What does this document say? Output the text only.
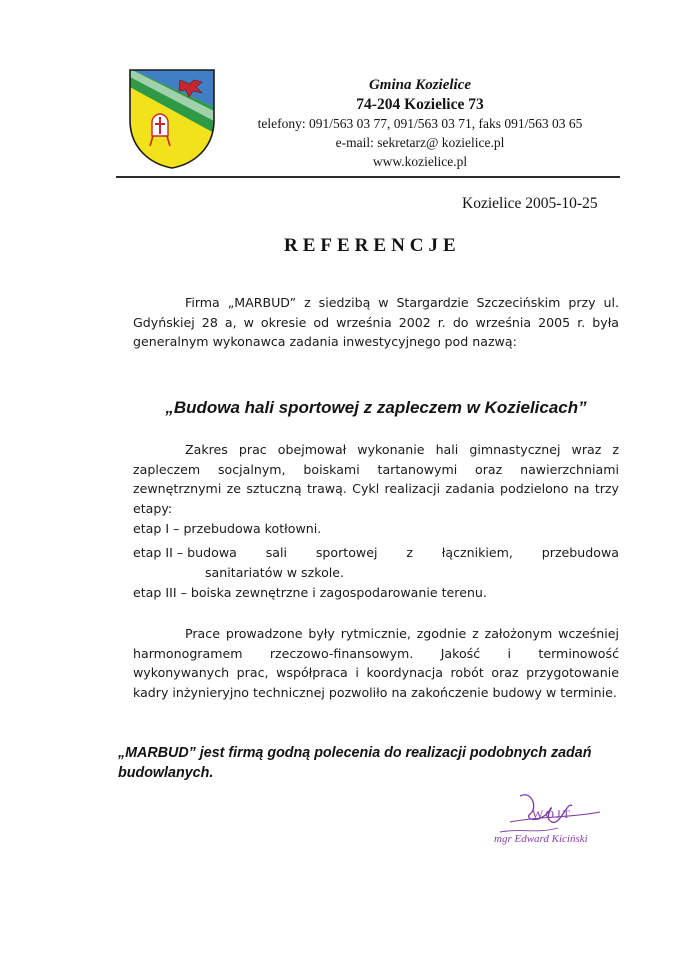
Gmina Kozielice
74-204 Kozielice 73
telefony: 091/563 03 77, 091/563 03 71, faks 091/563 03 65
e-mail: sekretarz@ kozielice.pl
www.kozielice.pl
Kozielice 2005-10-25
REFERENCJE
Firma „MARBUD” z siedzibą w Stargardzie Szczecińskim przy ul. Gdyńskiej 28 a, w okresie od września 2002 r. do września 2005 r. była generalnym wykonawca zadania inwestycyjnego pod nazwą:
„Budowa hali sportowej z zapleczem w Kozielicach”
Zakres prac obejmował wykonanie hali gimnastycznej wraz z zapleczem socjalnym, boiskami tartanowymi oraz nawierzchniami zewnętrznymi ze sztuczną trawą. Cykl realizacji zadania podzielono na trzy etapy:
etap I – przebudowa kotłowni.
etap II – budowa sali sportowej z łącznikiem, przebudowa
sanitariatów w szkole.
etap III – boiska zewnętrzne i zagospodarowanie terenu.
Prace prowadzone były rytmicznie, zgodnie z założonym wcześniej harmonogramem rzeczowo-finansowym. Jakość i terminowość wykonywanych prac, współpraca i koordynacja robót oraz przygotowanie kadry inżynieryjno technicznej pozwoliło na zakończenie budowy w terminie.
„MARBUD” jest firmą godną polecenia do realizacji podobnych zadań budowlanych.
WÓJT
mgr Edward Kiciński
